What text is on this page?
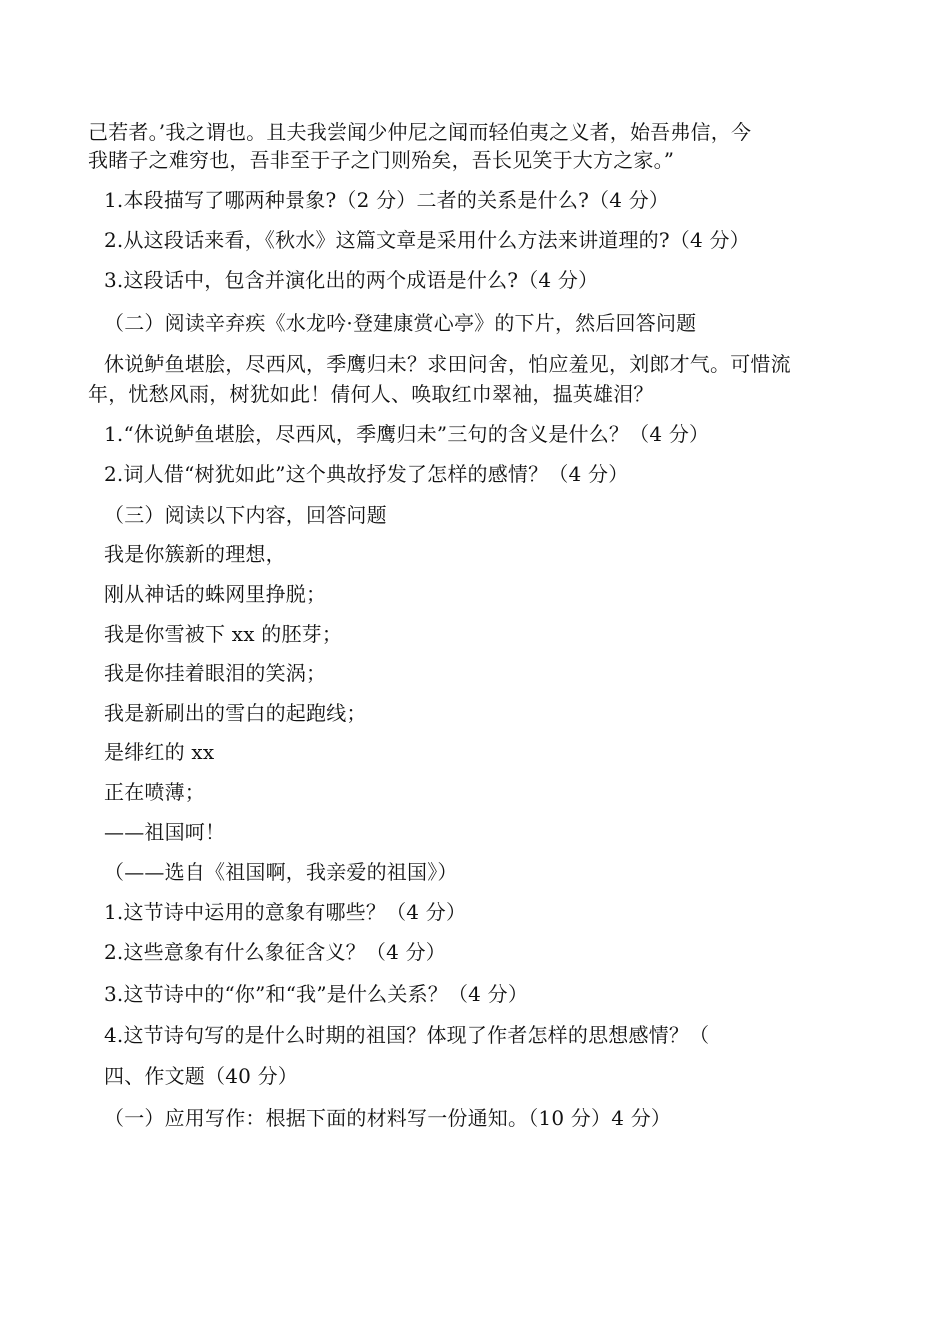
己若者。’我之谓也。且夫我尝闻少仲尼之闻而轻伯夷之义者，始吾弗信，今
我睹子之难穷也，吾非至于子之门则殆矣，吾长见笑于大方之家。”
1.本段描写了哪两种景象?（2 分）二者的关系是什么?（4 分）
2.从这段话来看，《秋水》这篇文章是采用什么方法来讲道理的?（4 分）
3.这段话中，包含并演化出的两个成语是什么?（4 分）
（二）阅读辛弃疾《水龙吟·登建康赏心亭》的下片，然后回答问题
休说鲈鱼堪脍，尽西风，季鹰归未？求田问舍，怕应羞见，刘郎才气。可惜流
年，忧愁风雨，树犹如此！倩何人、唤取红巾翠袖，揾英雄泪？
1.“休说鲈鱼堪脍，尽西风，季鹰归未”三句的含义是什么？（4 分）
2.词人借“树犹如此”这个典故抒发了怎样的感情？（4 分）
（三）阅读以下内容，回答问题
我是你簇新的理想，
刚从神话的蛛网里挣脱；
我是你雪被下 xx 的胚芽；
我是你挂着眼泪的笑涡；
我是新刷出的雪白的起跑线；
是绯红的 xx
正在喷薄；
——祖国呵！
（——选自《祖国啊，我亲爱的祖国》）
1.这节诗中运用的意象有哪些？（4 分）
2.这些意象有什么象征含义？（4 分）
3.这节诗中的“你”和“我”是什么关系？（4 分）
4.这节诗句写的是什么时期的祖国？体现了作者怎样的思想感情？（
四、作文题（40 分）
（一）应用写作：根据下面的材料写一份通知。（10 分）4 分）
